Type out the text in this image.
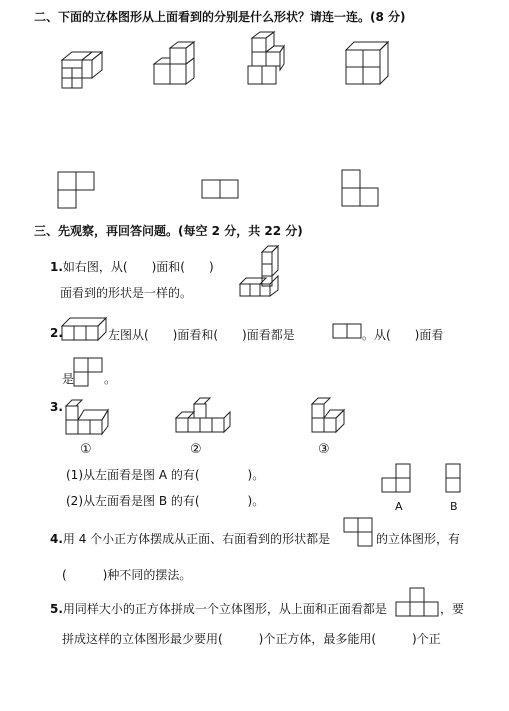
二、下面的立体图形从上面看到的分别是什么形状？请连一连。(8 分)
三、先观察，再回答问题。(每空 2 分，共 22 分)
1.如右图，从(　　)面和(　　)
面看到的形状是一样的。
2.	左图从(　　)面看和(　　)面看都是	。从(　　)面看
是 。
3.
①	②	③
(1)从左面看是图 A 的有(　　　　)。
(2)从左面看是图 B 的有(　　　　)。	A	B
4.用 4 个小正方体摆成从正面、右面看到的形状都是	的立体图形，有
(　　　)种不同的摆法。
5.用同样大小的正方体拼成一个立体图形，从上面和正面看都是	，要
拼成这样的立体图形最少要用(　　　)个正方体，最多能用(　　　)个正
